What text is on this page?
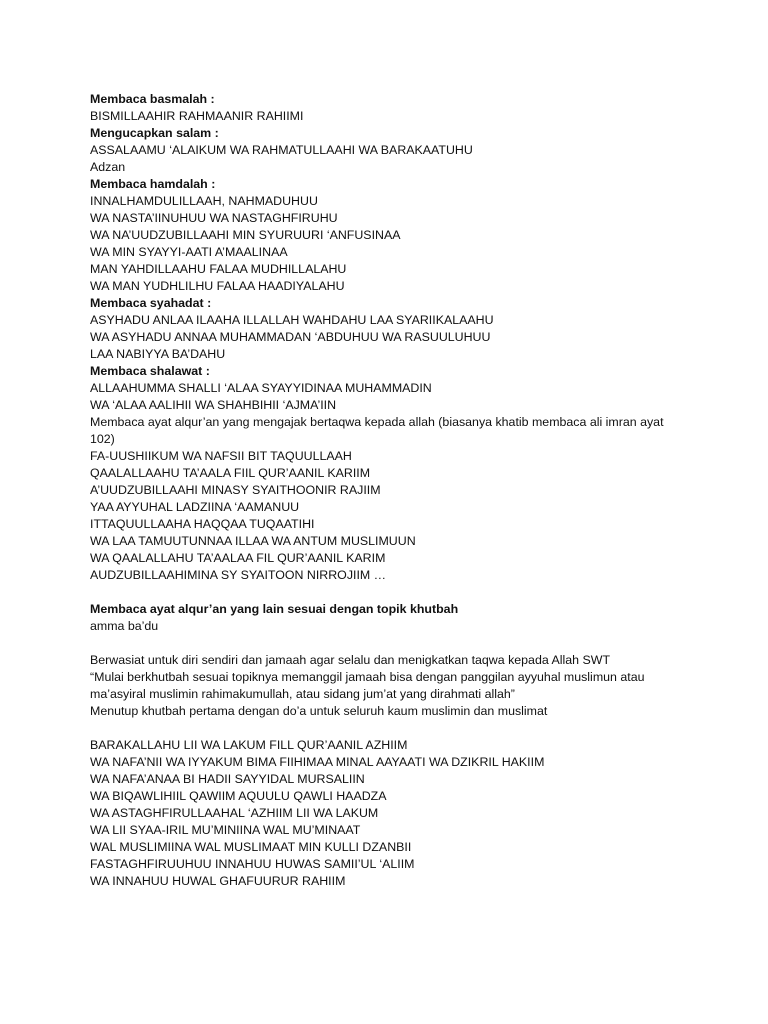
Membaca basmalah :
BISMILLAAHIR RAHMAANIR RAHIIMI
Mengucapkan salam :
ASSALAAMU ‘ALAIKUM WA RAHMATULLAAHI WA BARAKAATUHU
Adzan
Membaca hamdalah :
INNALHAMDULILLAAH, NAHMADUHUU
WA NASTA’IINUHUU WA NASTAGHFIRUHU
WA NA’UUDZUBILLAAHI MIN SYURUURI ‘ANFUSINAA
WA MIN SYAYYI-AATI A’MAALINAA
MAN YAHDILLAAHU FALAA MUDHILLALAHU
WA MAN YUDHLILHU FALAA HAADIYALAHU
Membaca syahadat :
ASYHADU ANLAA ILAAHA ILLALLAH WAHDAHU LAA SYARIIKALAAHU
WA ASYHADU ANNAA MUHAMMADAN ‘ABDUHUU WA RASUULUHUU
LAA NABIYYA BA’DAHU
Membaca shalawat :
ALLAAHUMMA SHALLI ‘ALAA SYAYYIDINAA MUHAMMADIN
WA ‘ALAA AALIHII WA SHAHBIHII ‘AJMA’IIN
Membaca ayat alqur’an yang mengajak bertaqwa kepada allah (biasanya khatib membaca ali imran ayat 102)
FA-UUSHIIKUM WA NAFSII BIT TAQUULLAAH
QAALALLAAHU TA’AALA FIIL QUR’AANIL KARIIM
A’UUDZUBILLAAHI MINASY SYAITHOONIR RAJIIM
YAA AYYUHAL LADZIINA ‘AAMANUU
ITTAQUULLAAHA HAQQAA TUQAATIHI
WA LAA TAMUUTUNNAA ILLAA WA ANTUM MUSLIMUUN
WA QAALALLAHU TA’AALAA FIL QUR’AANIL KARIM
AUDZUBILLAAHIMINA SY SYAITOON NIRROJIIM …
Membaca ayat alqur’an yang lain sesuai dengan topik khutbah
amma ba’du
Berwasiat untuk diri sendiri dan jamaah agar selalu dan menigkatkan taqwa kepada Allah SWT
“Mulai berkhutbah sesuai topiknya memanggil jamaah bisa dengan panggilan ayyuhal muslimun atau ma’asyiral muslimin rahimakumullah, atau sidang jum’at yang dirahmati allah”
Menutup khutbah pertama dengan do’a untuk seluruh kaum muslimin dan muslimat
BARAKALLAHU LII WA LAKUM FILL QUR’AANIL AZHIIM
WA NAFA’NII WA IYYAKUM BIMA FIIHIMAA MINAL AAYAATI WA DZIKRIL HAKIIM
WA NAFA’ANAA BI HADII SAYYIDAL MURSALIIN
WA BIQAWLIHIIL QAWIIM AQUULU QAWLI HAADZA
WA ASTAGHFIRULLAAHAL ‘AZHIIM LII WA LAKUM
WA LII SYAA-IRIL MU’MINIINA WAL MU’MINAAT
WAL MUSLIMIINA WAL MUSLIMAAT MIN KULLI DZANBII
FASTAGHFIRUUHUU INNAHUU HUWAS SAMII’UL ‘ALIIM
WA INNAHUU HUWAL GHAFUURUR RAHIIM
